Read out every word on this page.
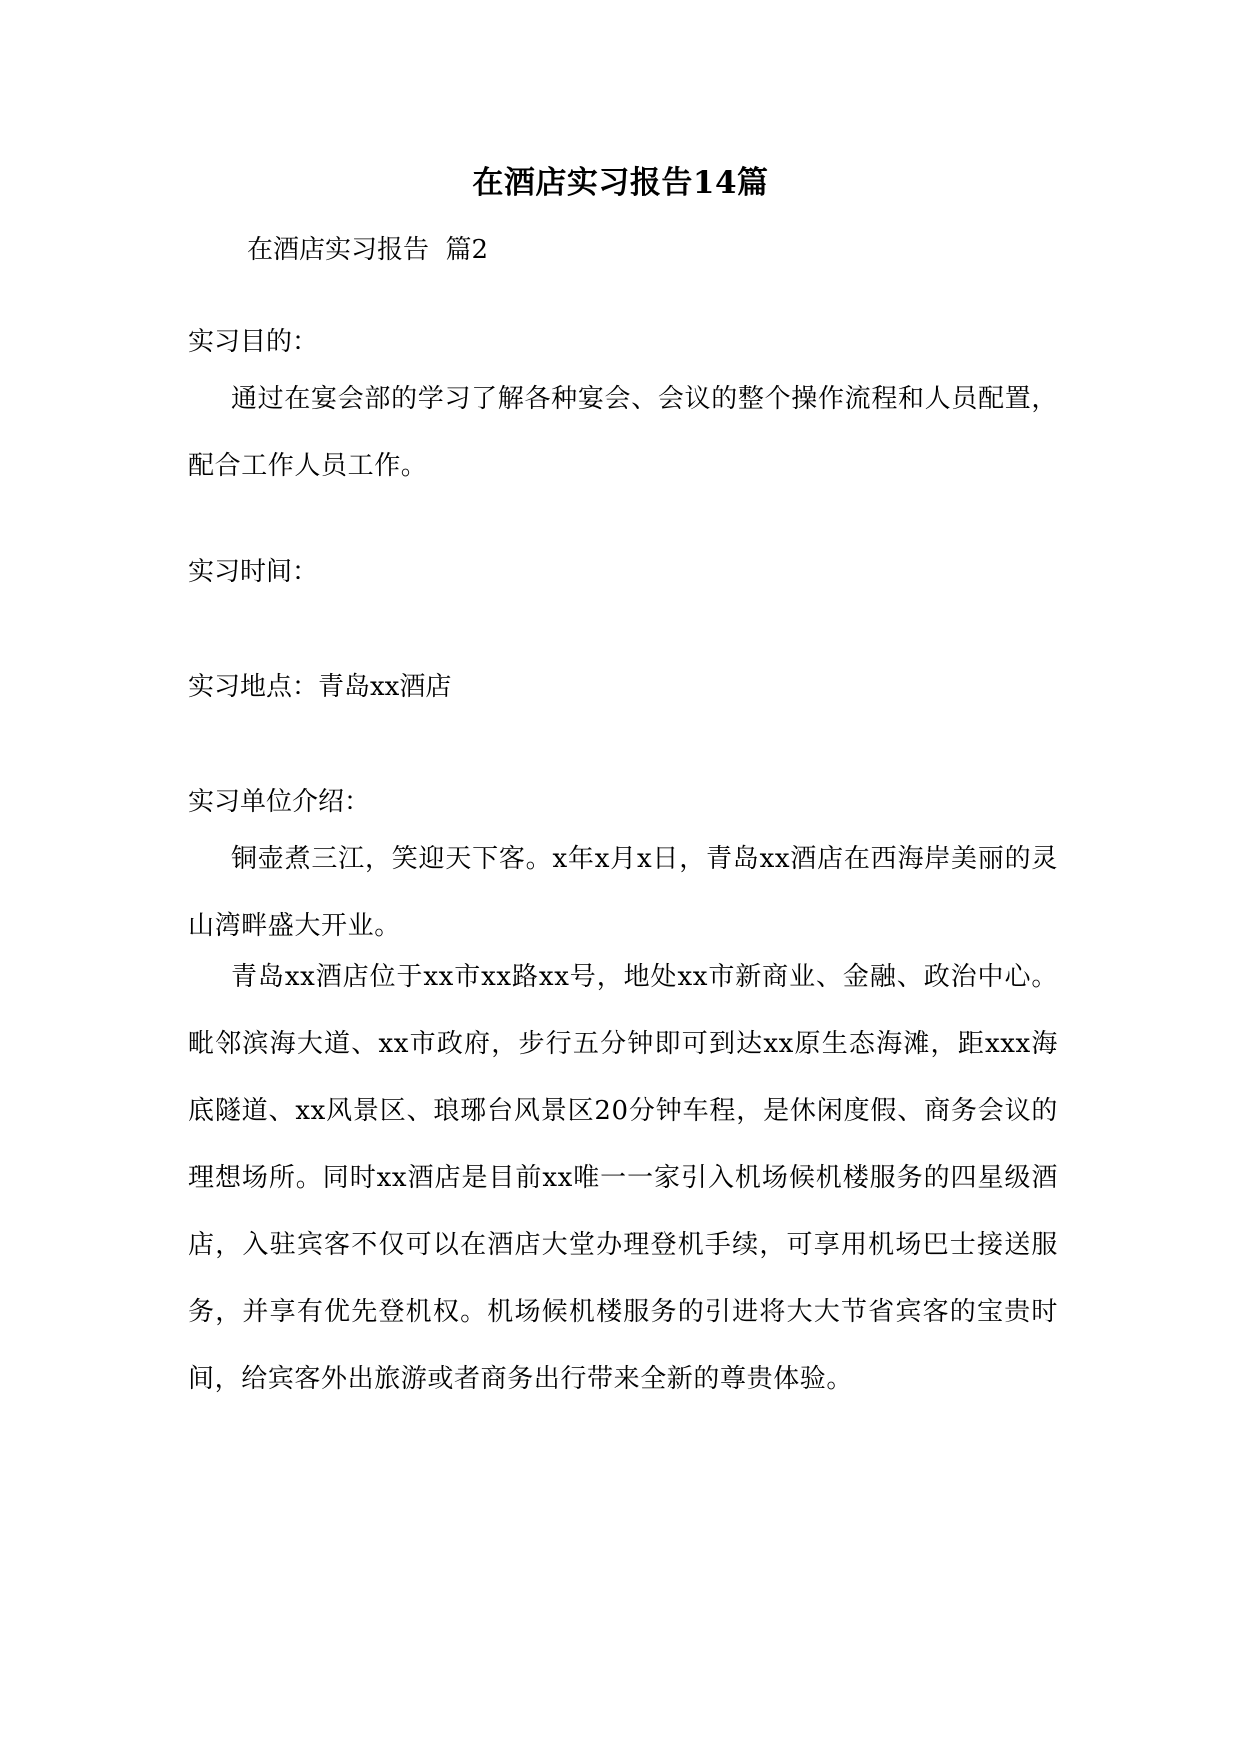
在酒店实习报告14篇
在酒店实习报告  篇2
实习目的：
通过在宴会部的学习了解各种宴会、会议的整个操作流程和人员配置，配合工作人员工作。
实习时间：
实习地点：青岛xx酒店
实习单位介绍：
铜壶煮三江，笑迎天下客。x年x月x日，青岛xx酒店在西海岸美丽的灵山湾畔盛大开业。
青岛xx酒店位于xx市xx路xx号，地处xx市新商业、金融、政治中心。毗邻滨海大道、xx市政府，步行五分钟即可到达xx原生态海滩，距xxx海底隧道、xx风景区、琅琊台风景区20分钟车程，是休闲度假、商务会议的理想场所。同时xx酒店是目前xx唯一一家引入机场候机楼服务的四星级酒店，入驻宾客不仅可以在酒店大堂办理登机手续，可享用机场巴士接送服务，并享有优先登机权。机场候机楼服务的引进将大大节省宾客的宝贵时间，给宾客外出旅游或者商务出行带来全新的尊贵体验。
